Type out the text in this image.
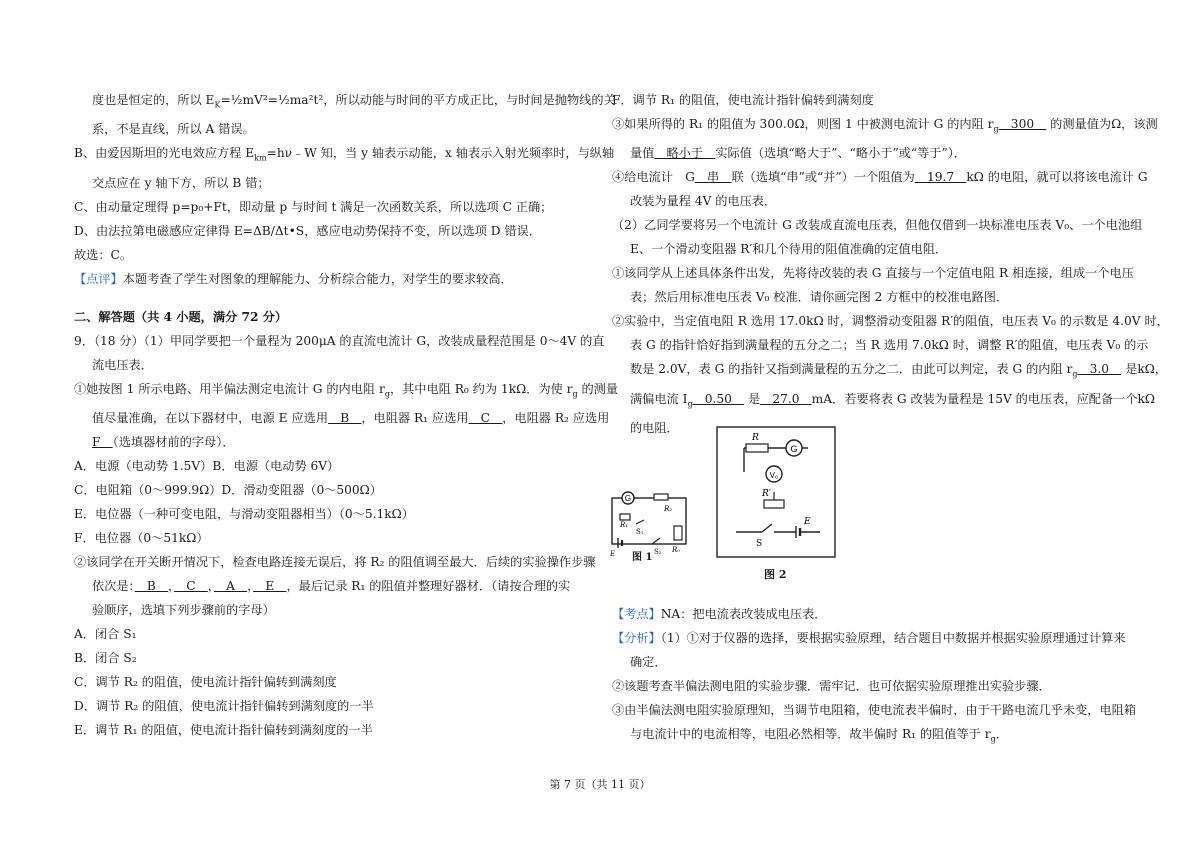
度也是恒定的，所以 $E_K=\frac{1}{2}mV^2=\frac{1}{2}ma^2t^2$，所以动能与时间的平方成正比，与时间是抛物线的关
系，不是直线，所以 A 错误。
B、由爱因斯坦的光电效应方程 $E_{km}=h\nu﹣W$ 知，当 y 轴表示动能，x 轴表示入射光频率时，与纵轴
交点应在 y 轴下方，所以 B 错；
C、由动量定理得 p=p₀+Ft，即动量 p 与时间 t 满足一次函数关系，所以选项 C 正确；
D、由法拉第电磁感应定律得 E=ΔB/Δt•S，感应电动势保持不变，所以选项 D 错误．
故选：C。
【点评】本题考查了学生对图象的理解能力、分析综合能力，对学生的要求较高．
二、解答题（共 4 小题，满分 72 分）
9．（18 分）（1）甲同学要把一个量程为 200μA 的直流电流计 G，改装成量程范围是 0～4V 的直
流电压表．
①她按图 1 所示电路、用半偏法测定电流计 G 的内电阻 $r_g$，其中电阻 R₀ 约为 1kΩ．为使 $r_g$ 的测量
值尽量准确，在以下器材中，电源 E 应选用　B　，电阻器 R₁ 应选用　C　，电阻器 R₂ 应选用
F　（选填器材前的字母）．
A．电源（电动势 1.5V）B．电源（电动势 6V）
C．电阻箱（0～999.9Ω）D．滑动变阻器（0～500Ω）
E．电位器（一种可变电阻，与滑动变阻器相当）（0～5.1kΩ）
F．电位器（0～51kΩ）
②该同学在开关断开情况下，检查电路连接无误后，将 R₂ 的阻值调至最大．后续的实验操作步骤
依次是：　B　，　C　，　A　，　E　，最后记录 R₁ 的阻值并整理好器材．（请按合理的实
验顺序，选填下列步骤前的字母）
A．闭合 S₁
B．闭合 S₂
C．调节 R₂ 的阻值，使电流计指针偏转到满刻度
D．调节 R₂ 的阻值，使电流计指针偏转到满刻度的一半
E．调节 R₁ 的阻值，使电流计指针偏转到满刻度的一半
F．调节 R₁ 的阻值，使电流计指针偏转到满刻度
③如果所得的 R₁ 的阻值为 300.0Ω，则图 1 中被测电流计 G 的内阻 $r_g$　300　 的测量值为Ω，该测
量值　略小于　实际值（选填“略大于”、“略小于”或“等于”）．
④给电流计　G　串　联（选填“串”或“并”）一个阻值为　19.7　kΩ 的电阻，就可以将该电流计 G
改装为量程 4V 的电压表．
（2）乙同学要将另一个电流计 G 改装成直流电压表，但他仅借到一块标准电压表 V₀、一个电池组
E、一个滑动变阻器 R′和几个待用的阻值准确的定值电阻．
①该同学从上述具体条件出发，先将待改装的表 G 直接与一个定值电阻 R 相连接，组成一个电压
表；然后用标准电压表 V₀ 校准．请你画完图 2 方框中的校准电路图．
②实验中，当定值电阻 R 选用 17.0kΩ 时，调整滑动变阻器 R′的阻值，电压表 V₀ 的示数是 4.0V 时，
表 G 的指针恰好指到满量程的五分之二；当 R 选用 7.0kΩ 时，调整 R′的阻值，电压表 V₀ 的示
数是 2.0V，表 G 的指针又指到满量程的五分之二．由此可以判定，表 G 的内阻 $r_g$　3.0　 是kΩ，
满偏电流 $I_g$　0.50　 是　27.0　mA．若要将表 G 改装为量程是 15V 的电压表，应配备一个kΩ
的电阻．
【考点】NA：把电流表改装成电压表．
【分析】（1）①对于仪器的选择，要根据实验原理，结合题目中数据并根据实验原理通过计算来
确定．
②该题考查半偏法测电阻的实验步骤．需牢记．也可依据实验原理推出实验步骤．
③由半偏法测电阻实验原理知，当调节电阻箱，使电流表半偏时，由于干路电流几乎未变，电阻箱
与电流计中的电流相等，电阻必然相等．故半偏时 R₁ 的阻值等于 $r_g$．
G
R₂
R₁
S₁
S₂
E	R₀
图 1
R
G
V₀
R′
E
S
图 2
第 7 页（共 11 页）
